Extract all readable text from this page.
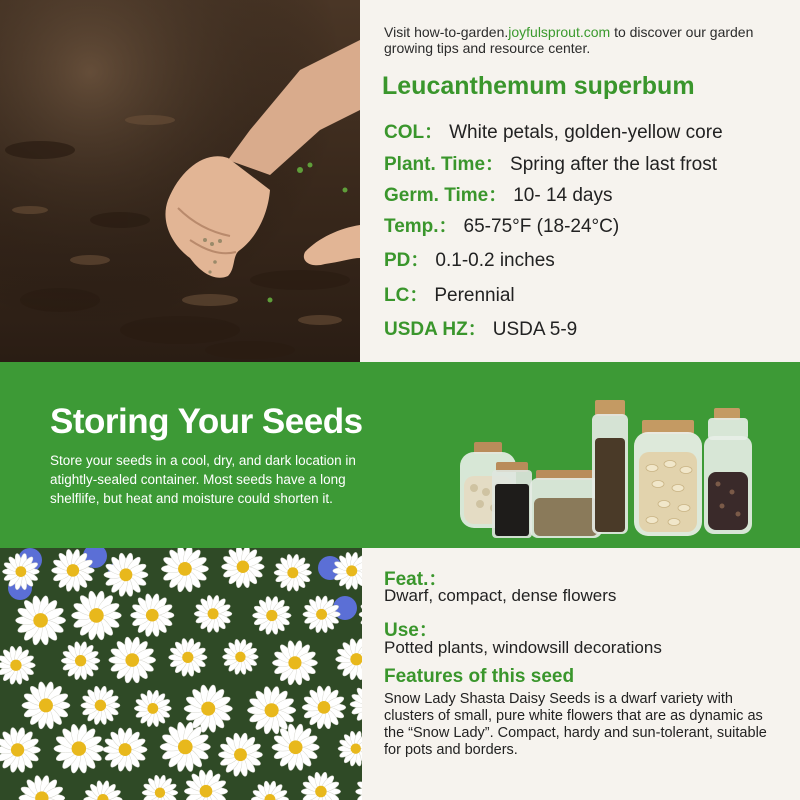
Visit how-to-garden.joyfulsprout.com to discover our garden growing tips and resource center.
Leucanthemum superbum
COL： White petals, golden-yellow core
Plant. Time： Spring after the last frost
Germ. Time： 10- 14 days
Temp.： 65-75°F (18-24°C)
PD： 0.1-0.2 inches
LC： Perennial
USDA HZ： USDA 5-9
Storing Your Seeds
Store your seeds in a cool, dry, and dark location in atightly-sealed container. Most seeds have a long shelflife, but heat and moisture could shorten it.
Feat.：
Dwarf, compact, dense flowers
Use：
Potted plants, windowsill decorations
Features of this seed
Snow Lady Shasta Daisy Seeds is a dwarf variety with clusters of small, pure white flowers that are as dynamic as the “Snow Lady”. Compact, hardy and sun-tolerant, suitable for pots and borders.
